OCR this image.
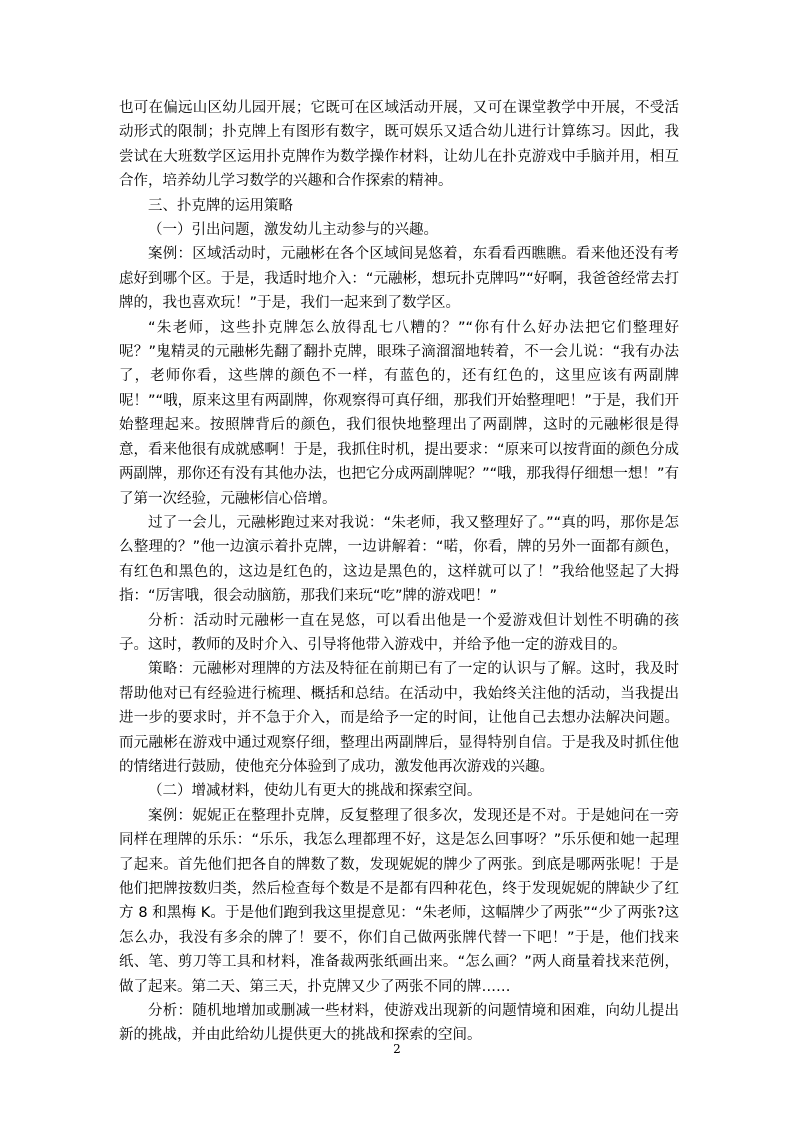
也可在偏远山区幼儿园开展；它既可在区域活动开展，又可在课堂教学中开展，不受活动形式的限制；扑克牌上有图形有数字，既可娱乐又适合幼儿进行计算练习。因此，我尝试在大班数学区运用扑克牌作为数学操作材料，让幼儿在扑克游戏中手脑并用，相互合作，培养幼儿学习数学的兴趣和合作探索的精神。

三、扑克牌的运用策略

（一）引出问题，激发幼儿主动参与的兴趣。

案例：区域活动时，元融彬在各个区域间晃悠着，东看看西瞧瞧。看来他还没有考虑好到哪个区。于是，我适时地介入：“元融彬，想玩扑克牌吗”“好啊，我爸爸经常去打牌的，我也喜欢玩！”于是，我们一起来到了数学区。

“朱老师，这些扑克牌怎么放得乱七八糟的？”“你有什么好办法把它们整理好呢？”鬼精灵的元融彬先翻了翻扑克牌，眼珠子滴溜溜地转着，不一会儿说：“我有办法了，老师你看，这些牌的颜色不一样，有蓝色的，还有红色的，这里应该有两副牌呢！”“哦，原来这里有两副牌，你观察得可真仔细，那我们开始整理吧！”于是，我们开始整理起来。按照牌背后的颜色，我们很快地整理出了两副牌，这时的元融彬很是得意，看来他很有成就感啊！于是，我抓住时机，提出要求：“原来可以按背面的颜色分成两副牌，那你还有没有其他办法，也把它分成两副牌呢？”“哦，那我得仔细想一想！”有了第一次经验，元融彬信心倍增。

过了一会儿，元融彬跑过来对我说：“朱老师，我又整理好了。”“真的吗，那你是怎么整理的？”他一边演示着扑克牌，一边讲解着：“喏，你看，牌的另外一面都有颜色，有红色和黑色的，这边是红色的，这边是黑色的，这样就可以了！”我给他竖起了大拇指：“厉害哦，很会动脑筋，那我们来玩“吃”牌的游戏吧！”

分析：活动时元融彬一直在晃悠，可以看出他是一个爱游戏但计划性不明确的孩子。这时，教师的及时介入、引导将他带入游戏中，并给予他一定的游戏目的。

策略：元融彬对理牌的方法及特征在前期已有了一定的认识与了解。这时，我及时帮助他对已有经验进行梳理、概括和总结。在活动中，我始终关注他的活动，当我提出进一步的要求时，并不急于介入，而是给予一定的时间，让他自己去想办法解决问题。而元融彬在游戏中通过观察仔细，整理出两副牌后，显得特别自信。于是我及时抓住他的情绪进行鼓励，使他充分体验到了成功，激发他再次游戏的兴趣。

（二）增减材料，使幼儿有更大的挑战和探索空间。

案例：妮妮正在整理扑克牌，反复整理了很多次，发现还是不对。于是她问在一旁同样在理牌的乐乐：“乐乐，我怎么理都理不好，这是怎么回事呀？”乐乐便和她一起理了起来。首先他们把各自的牌数了数，发现妮妮的牌少了两张。到底是哪两张呢！于是他们把牌按数归类，然后检查每个数是不是都有四种花色，终于发现妮妮的牌缺少了红方 8 和黑梅 K。于是他们跑到我这里提意见：“朱老师，这幅牌少了两张”“少了两张?这怎么办，我没有多余的牌了！要不，你们自己做两张牌代替一下吧！”于是，他们找来纸、笔、剪刀等工具和材料，准备裁两张纸画出来。“怎么画？”两人商量着找来范例，做了起来。第二天、第三天，扑克牌又少了两张不同的牌……

分析：随机地增加或删减一些材料，使游戏出现新的问题情境和困难，向幼儿提出新的挑战，并由此给幼儿提供更大的挑战和探索的空间。

2
